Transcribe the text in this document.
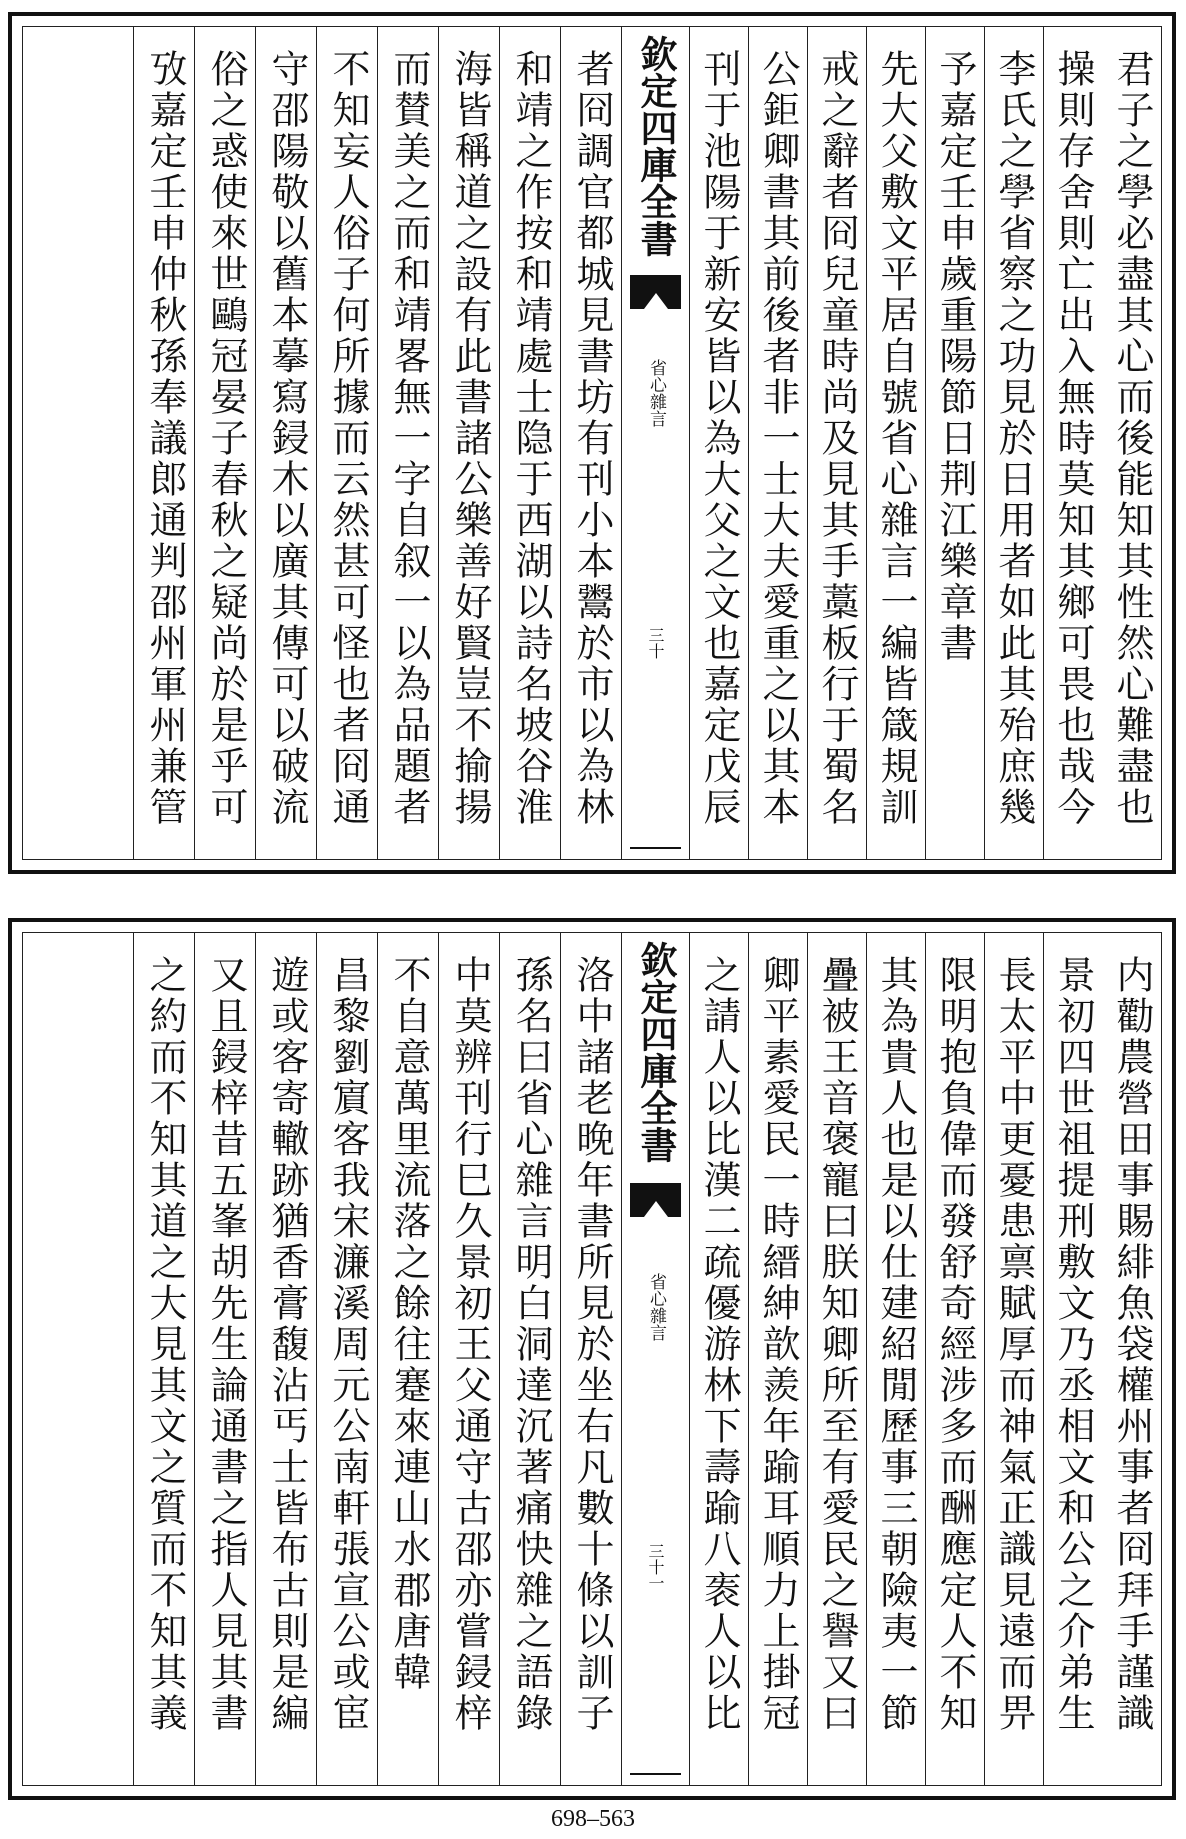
君子之學必盡其心而後能知其性然心難盡也
操則存舍則亡出入無時莫知其鄉可畏也哉今
李氏之學省察之功見於日用者如此其殆庶幾
予嘉定壬申歲重陽節日荆江樂章書
先大父敷文平居自號省心雜言一編皆箴規訓
戒之辭者冏兒童時尚及見其手藁板行于蜀名
公鉅卿書其前後者非一士大夫愛重之以其本
刊于池陽于新安皆以為大父之文也嘉定戊辰
欽定四庫全書
省心雜言
三十
者冏調官都城見書坊有刊小本鬻於市以為林
和靖之作按和靖處士隐于西湖以詩名坡谷淮
海皆稱道之設有此書諸公樂善好賢豈不揄揚
而賛美之而和靖畧無一字自叙一以為品題者
不知妄人俗子何所據而云然甚可怪也者冏通
守邵陽敬以舊本摹寫鋟木以廣其傳可以破流
俗之惑使來世鷗冠晏子春秋之疑尚於是乎可
攷嘉定壬申仲秋孫奉議郎通判邵州軍州兼管
内勸農營田事賜緋魚袋權州事者冏拜手謹識
景初四世祖提刑敷文乃丞相文和公之介弟生
長太平中更憂患禀賦厚而神氣正識見遠而畀
限明抱負偉而發舒奇經涉多而酬應定人不知
其為貴人也是以仕建紹閒歷事三朝險夷一節
疊被王音褒寵曰朕知卿所至有愛民之譽又曰
卿平素愛民一時縉紳歆羨年踰耳順力上掛冠
之請人以比漢二疏優游林下壽踰八袠人以比
欽定四庫全書
省心雜言
三十一
洛中諸老晚年書所見於坐右凡數十條以訓子
孫名曰省心雜言明白洞達沉著痛快雜之語錄
中莫辨刊行巳久景初王父通守古邵亦嘗鋟梓
不自意萬里流落之餘往蹇來連山水郡唐韓
昌黎劉賔客我宋濂溪周元公南軒張宣公或宦
遊或客寄轍跡猶香膏馥沾丐士皆布古則是編
又且鋟梓昔五峯胡先生論通書之指人見其書
之約而不知其道之大見其文之質而不知其義
698–563
